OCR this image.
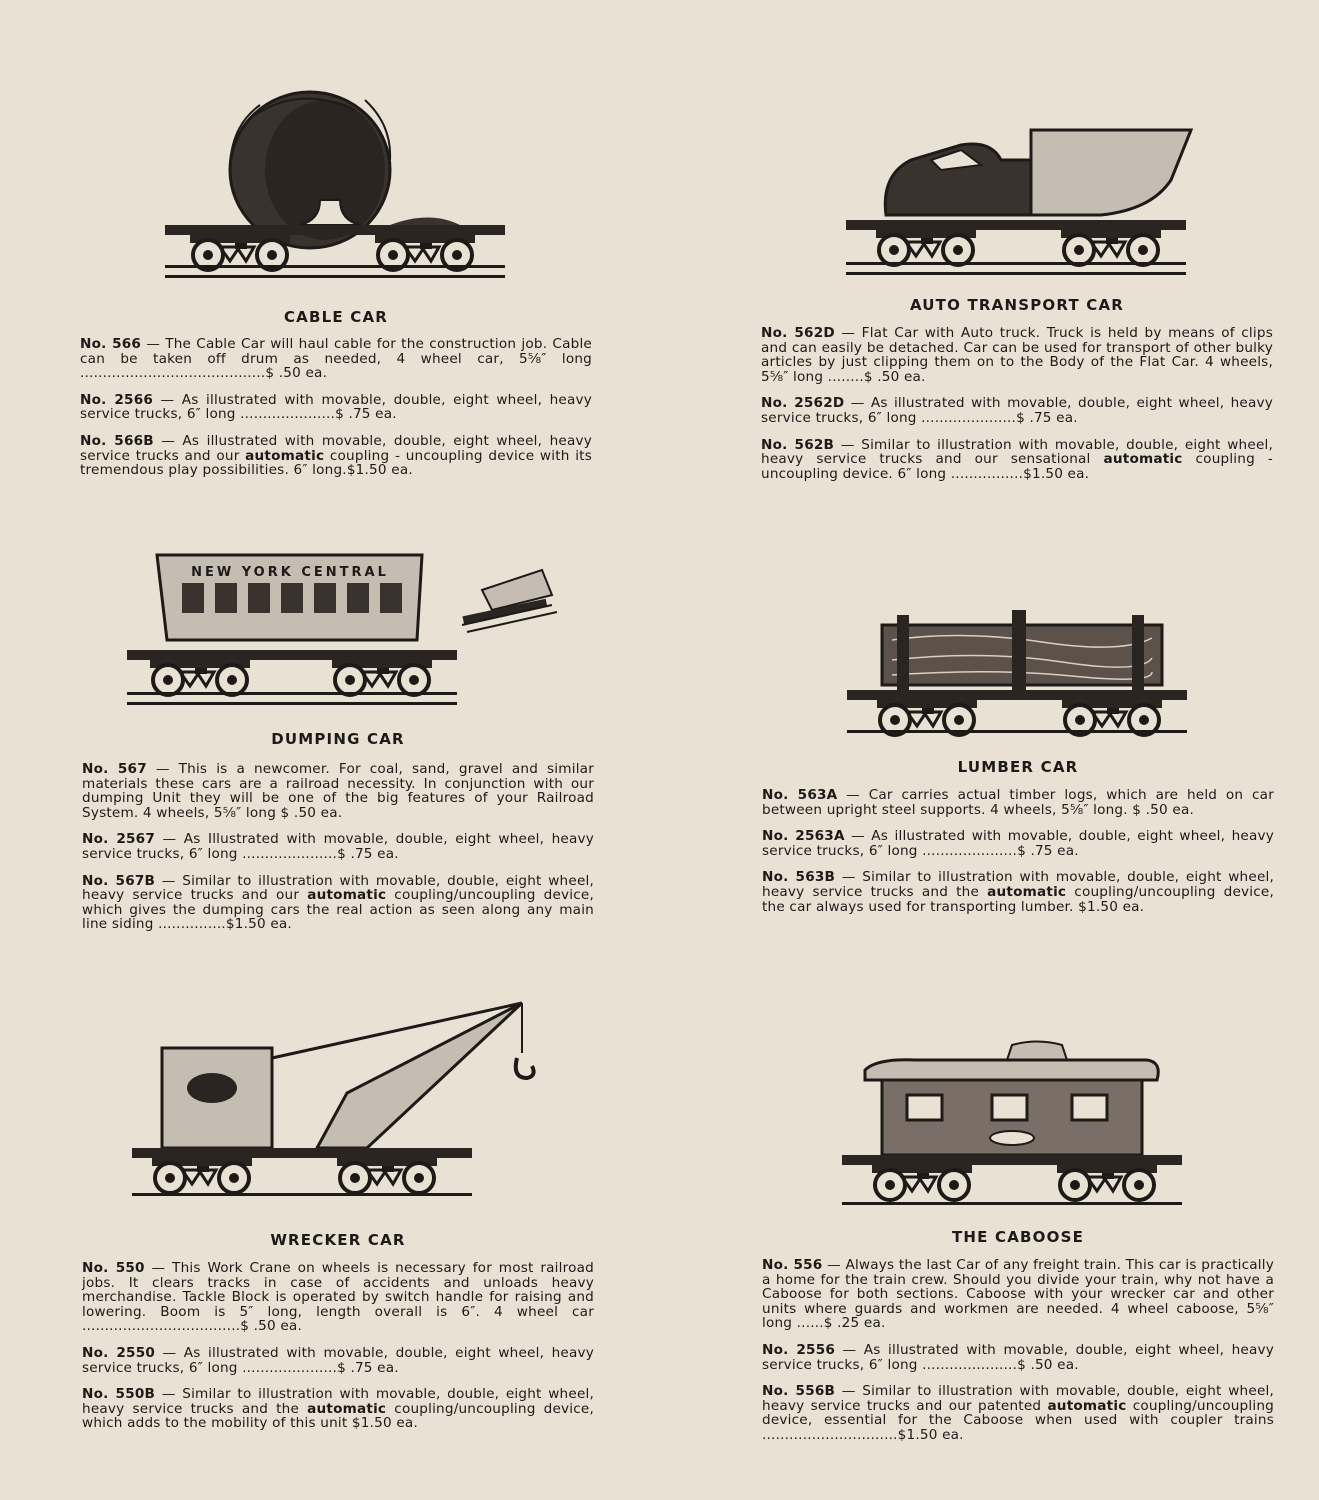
CABLE CAR

No. 566 — The Cable Car will haul cable for the construction job. Cable can be taken off drum as needed, 4 wheel car, 5⅝″ long .........................................$ .50 ea.

No. 2566 — As illustrated with movable, double, eight wheel, heavy service trucks, 6″ long .....................$ .75 ea.

No. 566B — As illustrated with movable, double, eight wheel, heavy service trucks and our automatic coupling - uncoupling device with its tremendous play possibilities. 6″ long.$1.50 ea.

AUTO TRANSPORT CAR

No. 562D — Flat Car with Auto truck. Truck is held by means of clips and can easily be detached. Car can be used for transport of other bulky articles by just clipping them on to the Body of the Flat Car. 4 wheels, 5⅝″ long ........$ .50 ea.

No. 2562D — As illustrated with movable, double, eight wheel, heavy service trucks, 6″ long .....................$ .75 ea.

No. 562B — Similar to illustration with movable, double, eight wheel, heavy service trucks and our sensational automatic coupling - uncoupling device. 6″ long ................$1.50 ea.

NEW YORK CENTRAL
DUMPING CAR

No. 567 — This is a newcomer. For coal, sand, gravel and similar materials these cars are a railroad necessity. In conjunction with our dumping Unit they will be one of the big features of your Railroad System. 4 wheels, 5⅝″ long $ .50 ea.

No. 2567 — As Illustrated with movable, double, eight wheel, heavy service trucks, 6″ long .....................$ .75 ea.

No. 567B — Similar to illustration with movable, double, eight wheel, heavy service trucks and our automatic coupling/uncoupling device, which gives the dumping cars the real action as seen along any main line siding ...............$1.50 ea.

LUMBER CAR

No. 563A — Car carries actual timber logs, which are held on car between upright steel supports. 4 wheels, 5⅝″ long. $ .50 ea.

No. 2563A — As illustrated with movable, double, eight wheel, heavy service trucks, 6″ long .....................$ .75 ea.

No. 563B — Similar to illustration with movable, double, eight wheel, heavy service trucks and the automatic coupling/uncoupling device, the car always used for transporting lumber. $1.50 ea.

WRECKER CAR

No. 550 — This Work Crane on wheels is necessary for most railroad jobs. It clears tracks in case of accidents and unloads heavy merchandise. Tackle Block is operated by switch handle for raising and lowering. Boom is 5″ long, length overall is 6″. 4 wheel car ...................................$ .50 ea.

No. 2550 — As illustrated with movable, double, eight wheel, heavy service trucks, 6″ long .....................$ .75 ea.

No. 550B — Similar to illustration with movable, double, eight wheel, heavy service trucks and the automatic coupling/uncoupling device, which adds to the mobility of this unit $1.50 ea.

THE CABOOSE

No. 556 — Always the last Car of any freight train. This car is practically a home for the train crew. Should you divide your train, why not have a Caboose for both sections. Caboose with your wrecker car and other units where guards and workmen are needed. 4 wheel caboose, 5⅝″ long ......$ .25 ea.

No. 2556 — As illustrated with movable, double, eight wheel, heavy service trucks, 6″ long .....................$ .50 ea.

No. 556B — Similar to illustration with movable, double, eight wheel, heavy service trucks and our patented automatic coupling/uncoupling device, essential for the Caboose when used with coupler trains ..............................$1.50 ea.
